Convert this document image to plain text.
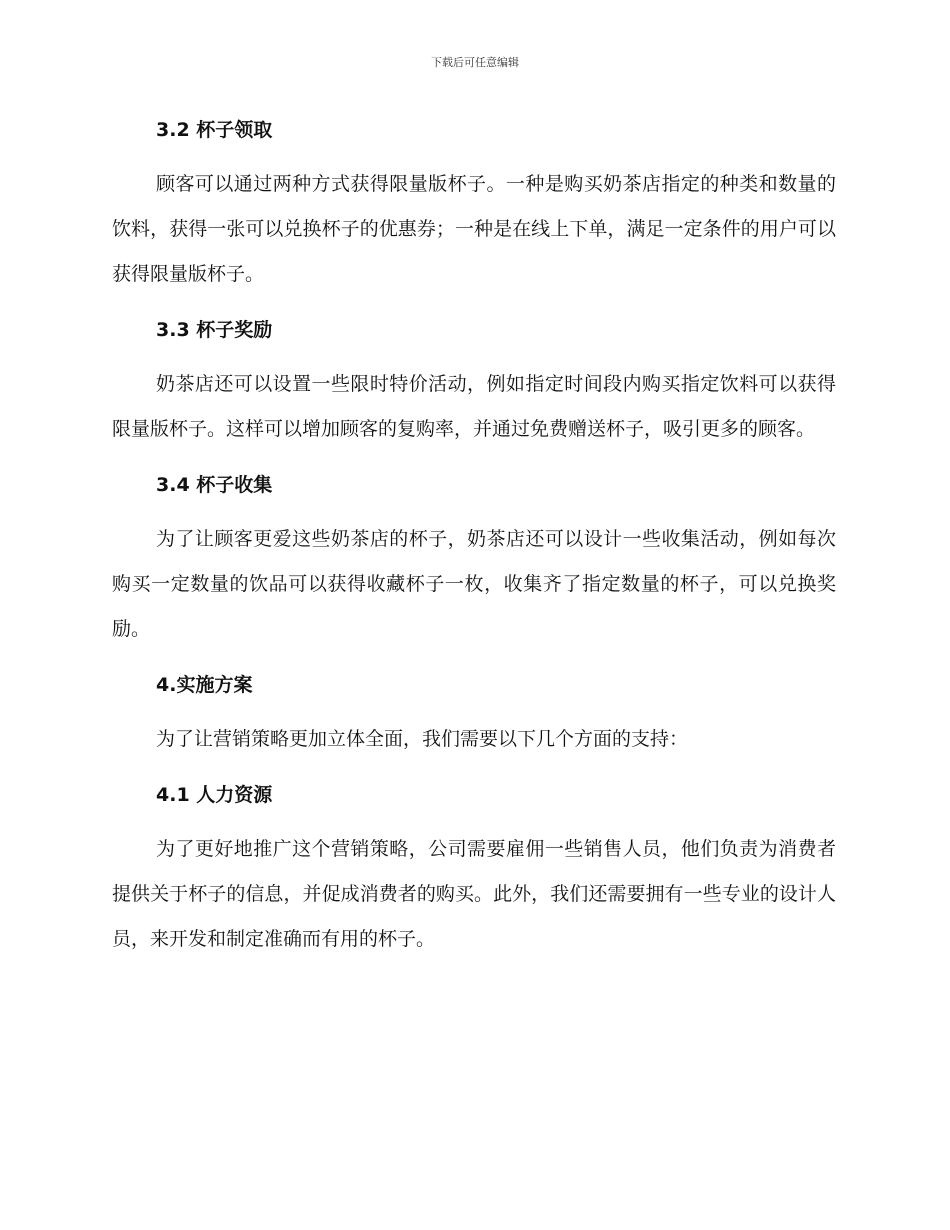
下载后可任意编辑
3.2 杯子领取
顾客可以通过两种方式获得限量版杯子。一种是购买奶茶店指定的种类和数量的饮料，获得一张可以兑换杯子的优惠券；一种是在线上下单，满足一定条件的用户可以获得限量版杯子。
3.3 杯子奖励
奶茶店还可以设置一些限时特价活动，例如指定时间段内购买指定饮料可以获得限量版杯子。这样可以增加顾客的复购率，并通过免费赠送杯子，吸引更多的顾客。
3.4 杯子收集
为了让顾客更爱这些奶茶店的杯子，奶茶店还可以设计一些收集活动，例如每次购买一定数量的饮品可以获得收藏杯子一枚，收集齐了指定数量的杯子，可以兑换奖励。
4.实施方案
为了让营销策略更加立体全面，我们需要以下几个方面的支持：
4.1 人力资源
为了更好地推广这个营销策略，公司需要雇佣一些销售人员，他们负责为消费者提供关于杯子的信息，并促成消费者的购买。此外，我们还需要拥有一些专业的设计人员，来开发和制定准确而有用的杯子。
